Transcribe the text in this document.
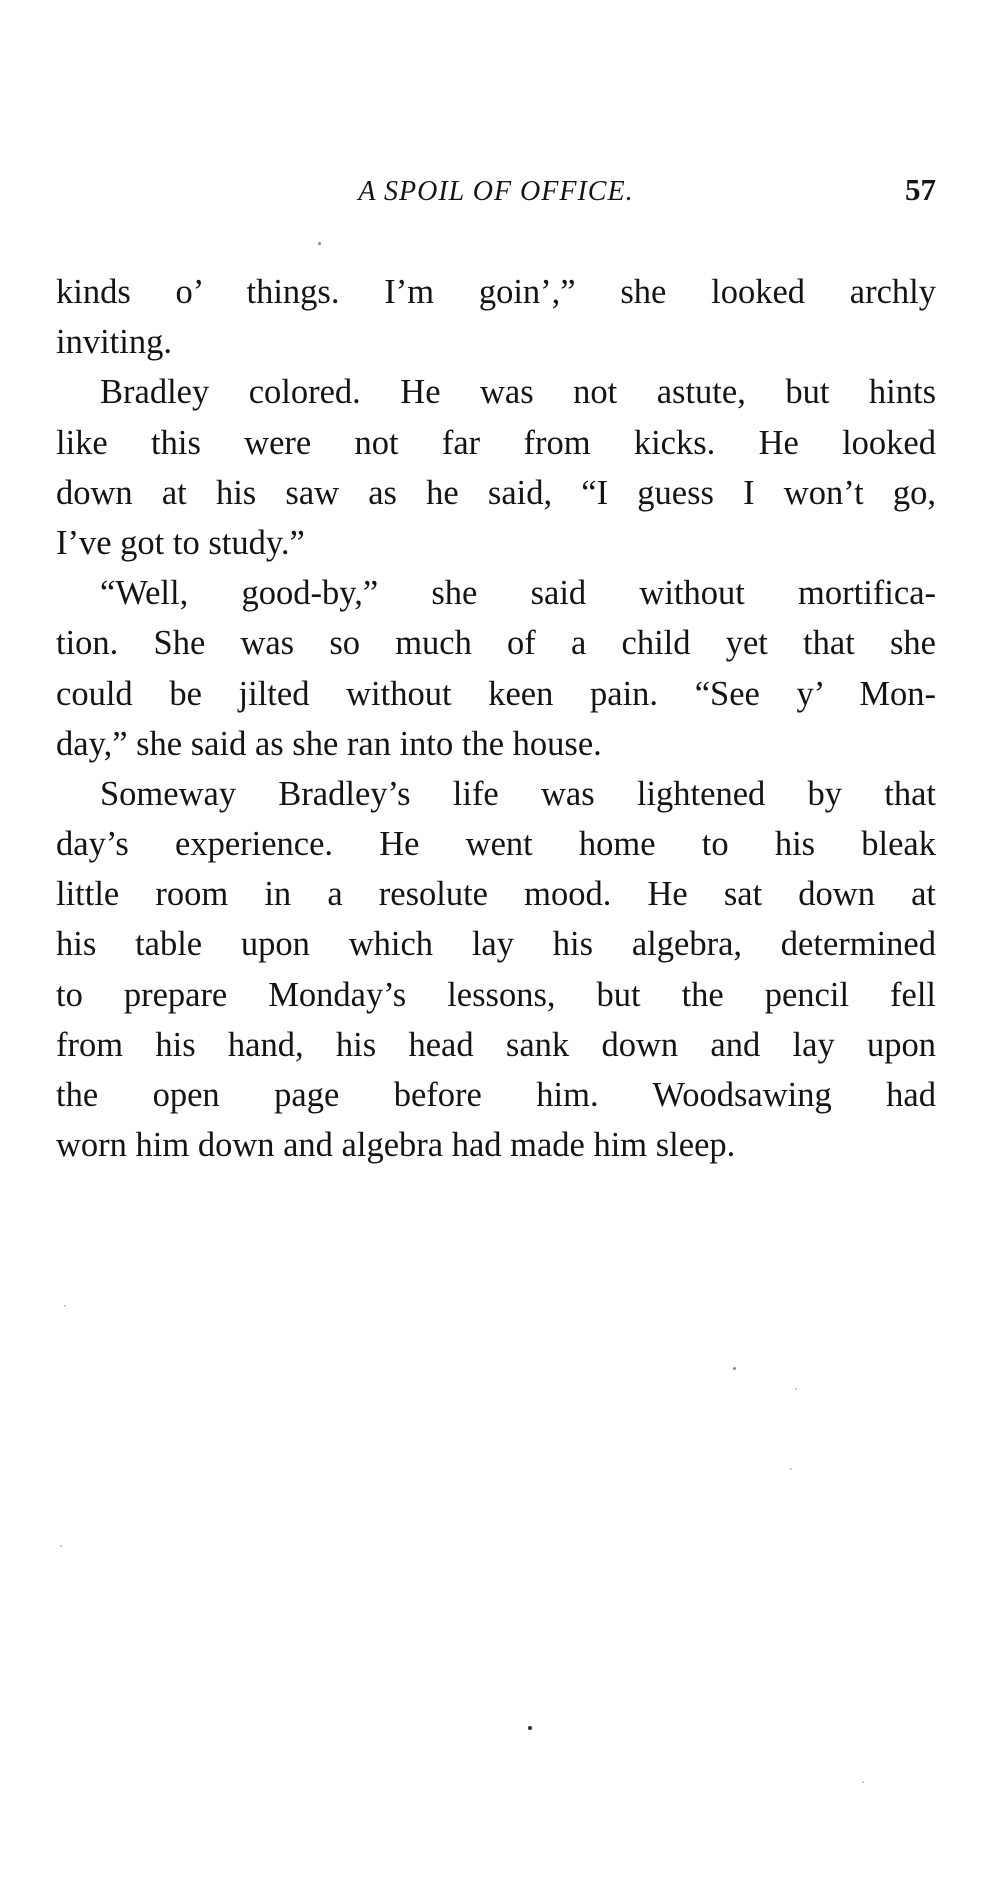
A SPOIL OF OFFICE.	57
kinds o’ things. I’m goin’,” she looked archly
inviting.
Bradley colored. He was not astute, but hints
like this were not far from kicks. He looked
down at his saw as he said, “I guess I won’t go,
I’ve got to study.”
“Well, good-by,” she said without mortifica-
tion. She was so much of a child yet that she
could be jilted without keen pain. “See y’ Mon-
day,” she said as she ran into the house.
Someway Bradley’s life was lightened by that
day’s experience. He went home to his bleak
little room in a resolute mood. He sat down at
his table upon which lay his algebra, determined
to prepare Monday’s lessons, but the pencil fell
from his hand, his head sank down and lay upon
the open page before him. Woodsawing had
worn him down and algebra had made him sleep.
